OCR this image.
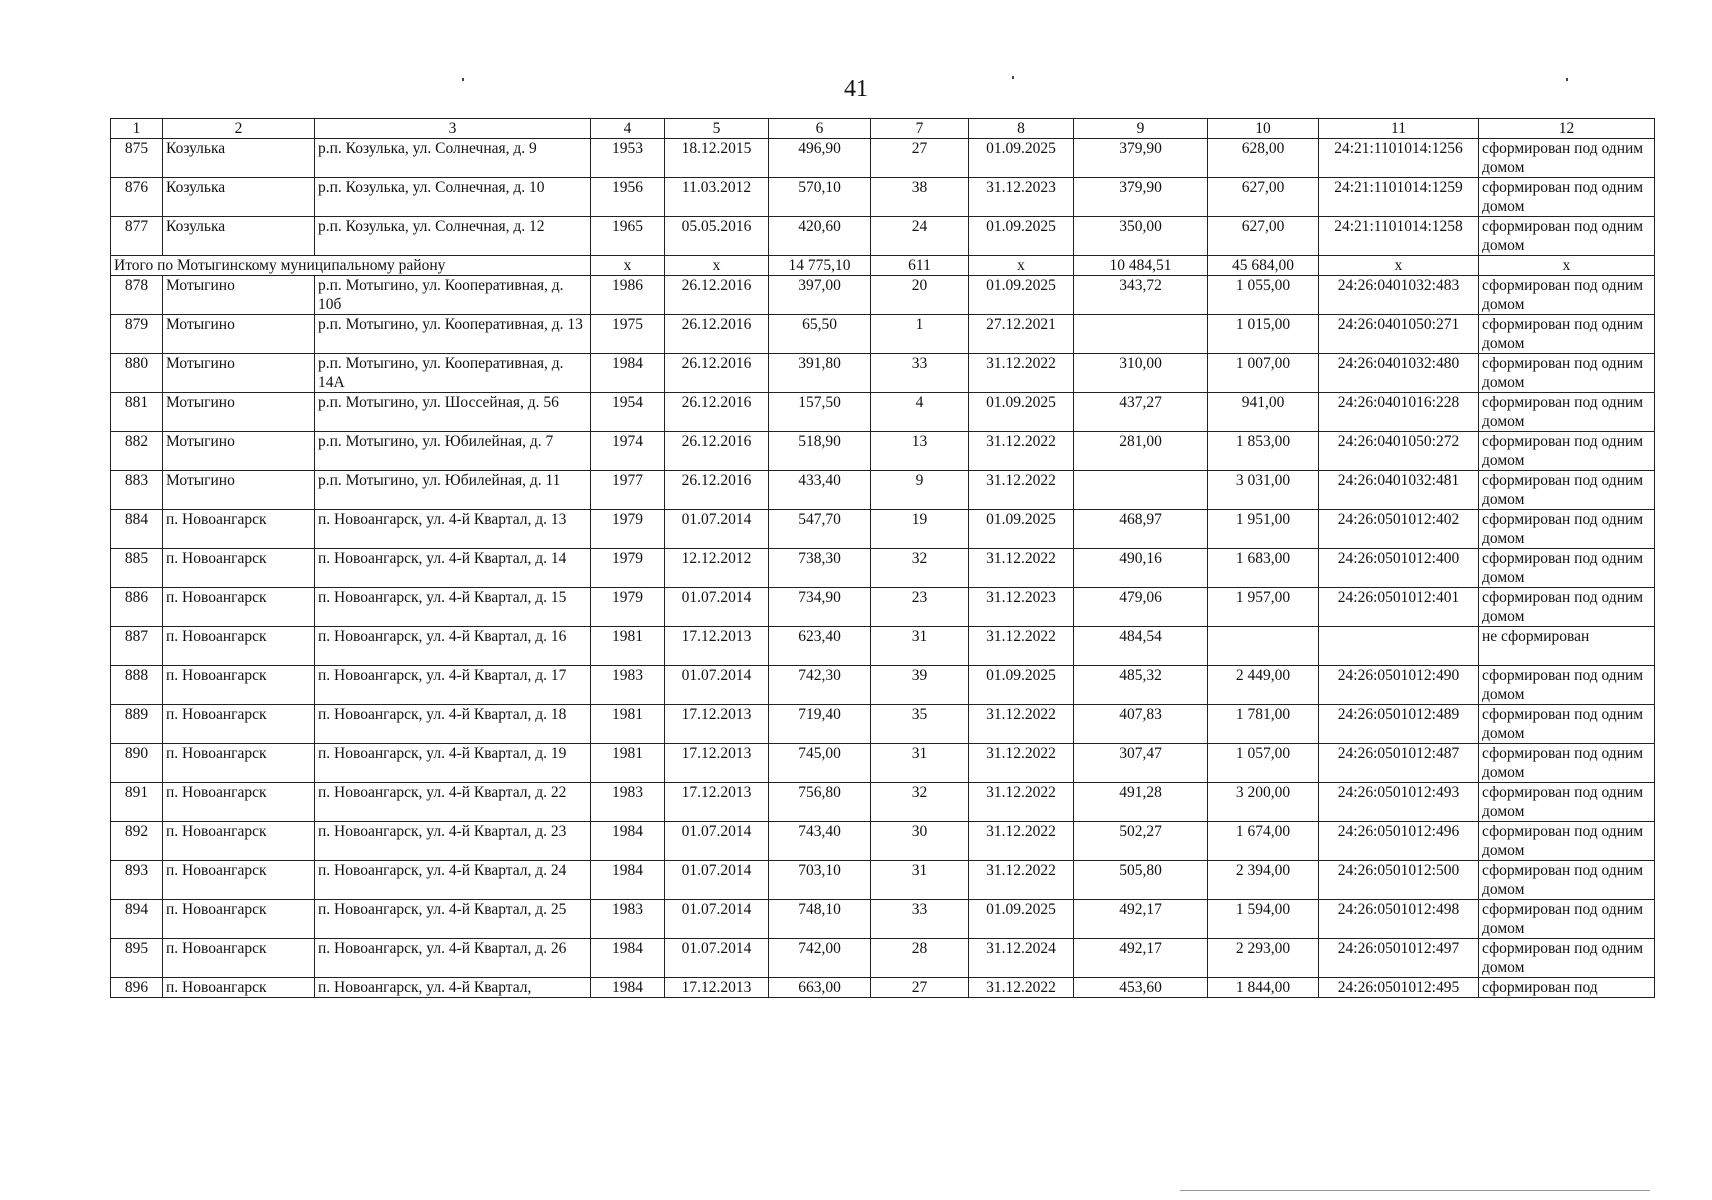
41
1	2	3	4	5	6	7	8	9	10	11	12
875	Козулька	р.п. Козулька, ул. Солнечная, д. 9	1953	18.12.2015	496,90	27	01.09.2025	379,90	628,00	24:21:1101014:1256	сформирован под одним домом
876	Козулька	р.п. Козулька, ул. Солнечная, д. 10	1956	11.03.2012	570,10	38	31.12.2023	379,90	627,00	24:21:1101014:1259	сформирован под одним домом
877	Козулька	р.п. Козулька, ул. Солнечная, д. 12	1965	05.05.2016	420,60	24	01.09.2025	350,00	627,00	24:21:1101014:1258	сформирован под одним домом
Итого по Мотыгинскому муниципальному району			x	x	14 775,10	611	x	10 484,51	45 684,00	x	x
878	Мотыгино	р.п. Мотыгино, ул. Кооперативная, д. 10б	1986	26.12.2016	397,00	20	01.09.2025	343,72	1 055,00	24:26:0401032:483	сформирован под одним домом
879	Мотыгино	р.п. Мотыгино, ул. Кооперативная, д. 13	1975	26.12.2016	65,50	1	27.12.2021		1 015,00	24:26:0401050:271	сформирован под одним домом
880	Мотыгино	р.п. Мотыгино, ул. Кооперативная, д. 14А	1984	26.12.2016	391,80	33	31.12.2022	310,00	1 007,00	24:26:0401032:480	сформирован под одним домом
881	Мотыгино	р.п. Мотыгино, ул. Шоссейная, д. 56	1954	26.12.2016	157,50	4	01.09.2025	437,27	941,00	24:26:0401016:228	сформирован под одним домом
882	Мотыгино	р.п. Мотыгино, ул. Юбилейная, д. 7	1974	26.12.2016	518,90	13	31.12.2022	281,00	1 853,00	24:26:0401050:272	сформирован под одним домом
883	Мотыгино	р.п. Мотыгино, ул. Юбилейная, д. 11	1977	26.12.2016	433,40	9	31.12.2022		3 031,00	24:26:0401032:481	сформирован под одним домом
884	п. Новоангарск	п. Новоангарск, ул. 4-й Квартал, д. 13	1979	01.07.2014	547,70	19	01.09.2025	468,97	1 951,00	24:26:0501012:402	сформирован под одним домом
885	п. Новоангарск	п. Новоангарск, ул. 4-й Квартал, д. 14	1979	12.12.2012	738,30	32	31.12.2022	490,16	1 683,00	24:26:0501012:400	сформирован под одним домом
886	п. Новоангарск	п. Новоангарск, ул. 4-й Квартал, д. 15	1979	01.07.2014	734,90	23	31.12.2023	479,06	1 957,00	24:26:0501012:401	сформирован под одним домом
887	п. Новоангарск	п. Новоангарск, ул. 4-й Квартал, д. 16	1981	17.12.2013	623,40	31	31.12.2022	484,54			не сформирован
888	п. Новоангарск	п. Новоангарск, ул. 4-й Квартал, д. 17	1983	01.07.2014	742,30	39	01.09.2025	485,32	2 449,00	24:26:0501012:490	сформирован под одним домом
889	п. Новоангарск	п. Новоангарск, ул. 4-й Квартал, д. 18	1981	17.12.2013	719,40	35	31.12.2022	407,83	1 781,00	24:26:0501012:489	сформирован под одним домом
890	п. Новоангарск	п. Новоангарск, ул. 4-й Квартал, д. 19	1981	17.12.2013	745,00	31	31.12.2022	307,47	1 057,00	24:26:0501012:487	сформирован под одним домом
891	п. Новоангарск	п. Новоангарск, ул. 4-й Квартал, д. 22	1983	17.12.2013	756,80	32	31.12.2022	491,28	3 200,00	24:26:0501012:493	сформирован под одним домом
892	п. Новоангарск	п. Новоангарск, ул. 4-й Квартал, д. 23	1984	01.07.2014	743,40	30	31.12.2022	502,27	1 674,00	24:26:0501012:496	сформирован под одним домом
893	п. Новоангарск	п. Новоангарск, ул. 4-й Квартал, д. 24	1984	01.07.2014	703,10	31	31.12.2022	505,80	2 394,00	24:26:0501012:500	сформирован под одним домом
894	п. Новоангарск	п. Новоангарск, ул. 4-й Квартал, д. 25	1983	01.07.2014	748,10	33	01.09.2025	492,17	1 594,00	24:26:0501012:498	сформирован под одним домом
895	п. Новоангарск	п. Новоангарск, ул. 4-й Квартал, д. 26	1984	01.07.2014	742,00	28	31.12.2024	492,17	2 293,00	24:26:0501012:497	сформирован под одним домом
896	п. Новоангарск	п. Новоангарск, ул. 4-й Квартал,	1984	17.12.2013	663,00	27	31.12.2022	453,60	1 844,00	24:26:0501012:495	сформирован под
